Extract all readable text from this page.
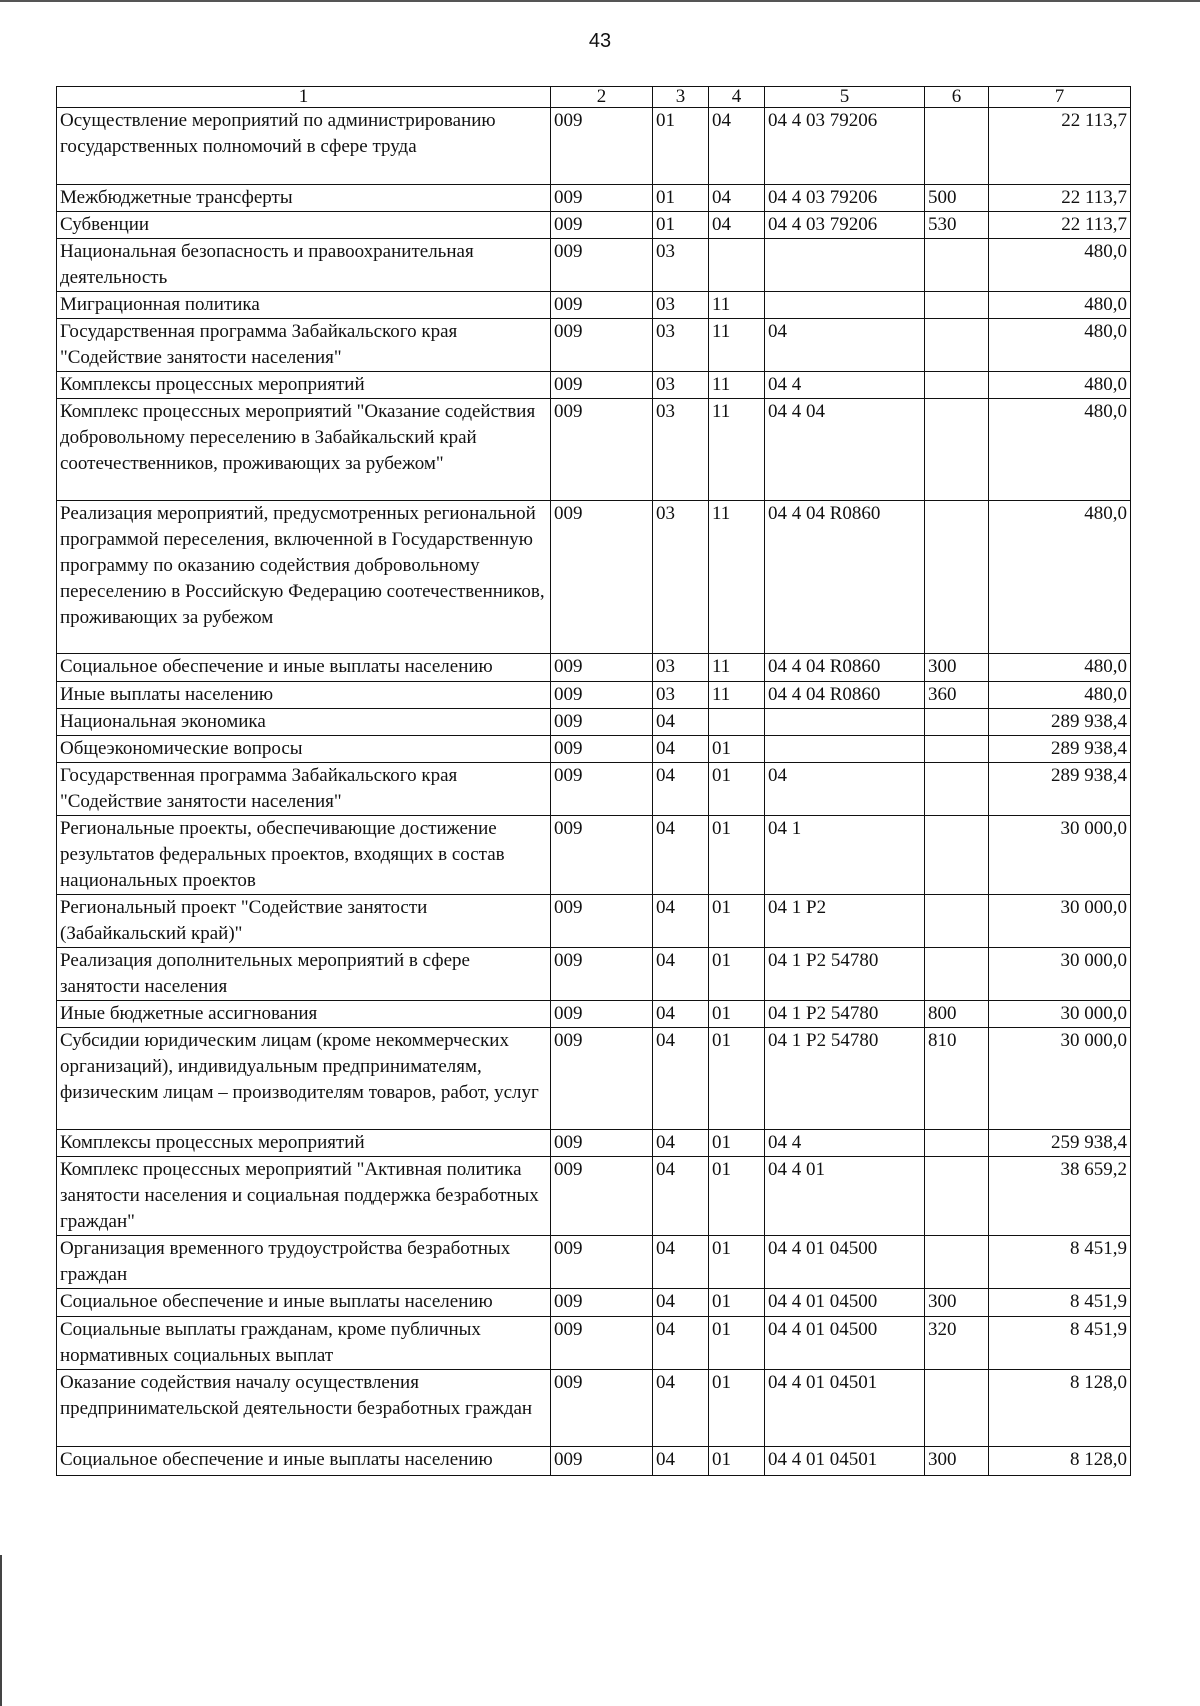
43
1	2	3	4	5	6	7
Осуществление мероприятий по администрированию государственных полномочий в сфере труда	009	01	04	04 4 03 79206		22 113,7
Межбюджетные трансферты	009	01	04	04 4 03 79206	500	22 113,7
Субвенции	009	01	04	04 4 03 79206	530	22 113,7
Национальная безопасность и правоохранительная деятельность	009	03				480,0
Миграционная политика	009	03	11			480,0
Государственная программа Забайкальского края "Содействие занятости населения"	009	03	11	04		480,0
Комплексы процессных мероприятий	009	03	11	04 4		480,0
Комплекс процессных мероприятий "Оказание содействия добровольному переселению в Забайкальский край соотечественников, проживающих за рубежом"	009	03	11	04 4 04		480,0
Реализация мероприятий, предусмотренных региональной программой переселения, включенной в Государственную программу по оказанию содействия добровольному переселению в Российскую Федерацию соотечественников, проживающих за рубежом	009	03	11	04 4 04 R0860		480,0
Социальное обеспечение и иные выплаты населению	009	03	11	04 4 04 R0860	300	480,0
Иные выплаты населению	009	03	11	04 4 04 R0860	360	480,0
Национальная экономика	009	04				289 938,4
Общеэкономические вопросы	009	04	01			289 938,4
Государственная программа Забайкальского края "Содействие занятости населения"	009	04	01	04		289 938,4
Региональные проекты, обеспечивающие достижение результатов федеральных проектов, входящих в состав национальных проектов	009	04	01	04 1		30 000,0
Региональный проект "Содействие занятости (Забайкальский край)"	009	04	01	04 1 P2		30 000,0
Реализация дополнительных мероприятий в сфере занятости населения	009	04	01	04 1 P2 54780		30 000,0
Иные бюджетные ассигнования	009	04	01	04 1 P2 54780	800	30 000,0
Субсидии юридическим лицам (кроме некоммерческих организаций), индивидуальным предпринимателям, физическим лицам – производителям товаров, работ, услуг	009	04	01	04 1 P2 54780	810	30 000,0
Комплексы процессных мероприятий	009	04	01	04 4		259 938,4
Комплекс процессных мероприятий "Активная политика занятости населения и социальная поддержка безработных граждан"	009	04	01	04 4 01		38 659,2
Организация временного трудоустройства безработных граждан	009	04	01	04 4 01 04500		8 451,9
Социальное обеспечение и иные выплаты населению	009	04	01	04 4 01 04500	300	8 451,9
Социальные выплаты гражданам, кроме публичных нормативных социальных выплат	009	04	01	04 4 01 04500	320	8 451,9
Оказание содействия началу осуществления предпринимательской деятельности безработных граждан	009	04	01	04 4 01 04501		8 128,0
Социальное обеспечение и иные выплаты населению	009	04	01	04 4 01 04501	300	8 128,0
